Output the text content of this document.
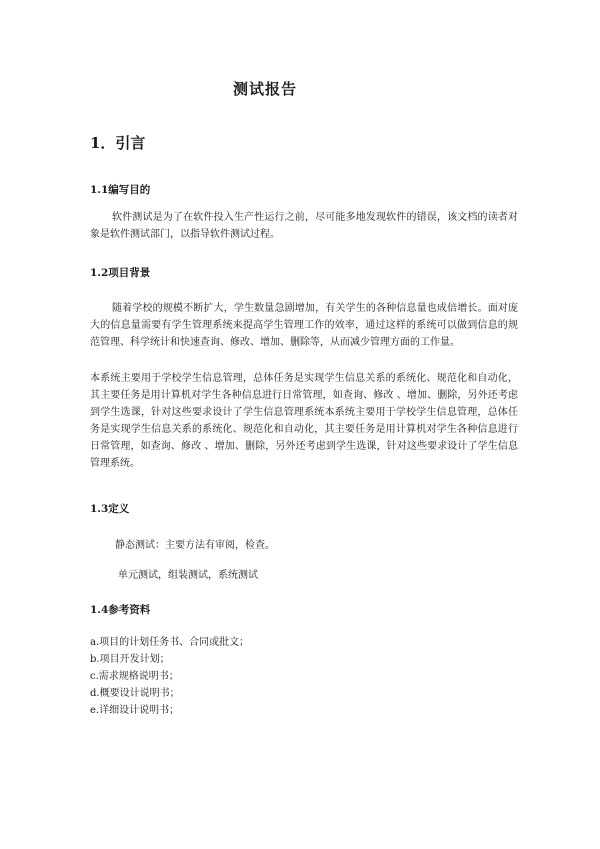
测试报告
1．引言
1.1编写目的
软件测试是为了在软件投入生产性运行之前，尽可能多地发现软件的错误，该文档的读者对象是软件测试部门，以指导软件测试过程。
1.2项目背景
随着学校的规模不断扩大，学生数量急剧增加，有关学生的各种信息量也成倍增长。面对庞大的信息量需要有学生管理系统来提高学生管理工作的效率，通过这样的系统可以做到信息的规范管理、科学统计和快速查询、修改、增加、删除等，从而减少管理方面的工作量。
本系统主要用于学校学生信息管理，总体任务是实现学生信息关系的系统化、规范化和自动化，其主要任务是用计算机对学生各种信息进行日常管理，如查询、修改 、增加、删除，另外还考虑到学生选课，针对这些要求设计了学生信息管理系统本系统主要用于学校学生信息管理，总体任务是实现学生信息关系的系统化、规范化和自动化，其主要任务是用计算机对学生各种信息进行日常管理，如查询、修改 、增加、删除，另外还考虑到学生选课，针对这些要求设计了学生信息管理系统。
1.3定义
静态测试：主要方法有审阅，检查。
单元测试，组装测试，系统测试
1.4参考资料
a.项目的计划任务书、合同或批文；
b.项目开发计划；
c.需求规格说明书；
d.概要设计说明书；
e.详细设计说明书；
